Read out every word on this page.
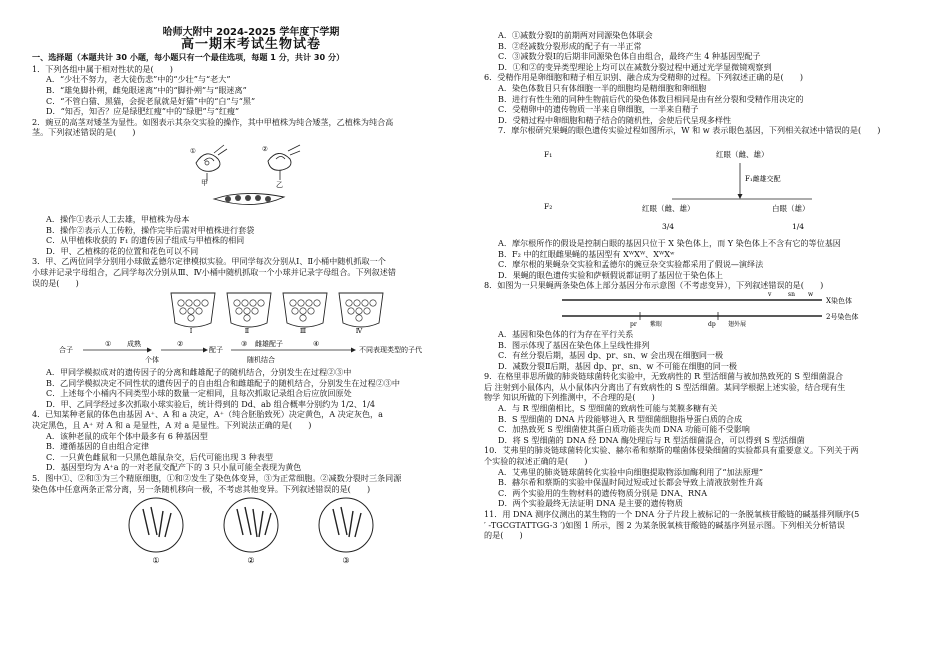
哈师大附中 2024-2025 学年度下学期
高一期末考试生物试卷

一、选择题（本题共计 30 小题，每小题只有一个最佳选项，每题 1 分，共计 30 分）

1．下列各组中属于相对性状的是(　　)

A．“少壮不努力，老大徒伤悲”中的“少壮”与“老大”

B．“雄兔脚扑朔，雌兔眼迷离”中的“脚扑朔”与“眼迷离”

C．“不管白猫、黑猫，会捉老鼠就是好猫”中的“白”与“黑”

D．“知否，知否？应是绿肥红瘦”中的“绿肥”与“红瘦”

2．豌豆的高茎对矮茎为显性。如图表示其杂交实验的操作，其中甲植株为纯合矮茎，乙植株为纯合高

茎。下列叙述错误的是(　　)

甲
①
乙
②

A．操作①表示人工去雄，甲植株为母本

B．操作②表示人工传粉，操作完毕后需对甲植株进行套袋

C．从甲植株收获的 F₁ 的遗传因子组成与甲植株的相同

D．甲、乙植株的花的位置和花色可以不同

3．甲、乙两位同学分别用小球做孟德尔定律模拟实验。甲同学每次分别从Ⅰ、Ⅱ小桶中随机抓取一个

小球并记录字母组合，乙同学每次分别从Ⅲ、Ⅳ小桶中随机抓取一个小球并记录字母组合。下列叙述错

误的是(　　)

Ⅰ	Ⅱ	Ⅲ	Ⅳ
合子
① 成熟
个体
②
配子
③ 雌雄配子
随机结合
④
不同表现类型的子代

A．甲同学模拟成对的遗传因子的分离和雌雄配子的随机结合，分别发生在过程②③中

B．乙同学模拟决定不同性状的遗传因子的自由组合和雌雄配子的随机结合，分别发生在过程②③中

C．上述每个小桶内不同类型小球的数量一定相同，且每次抓取记录组合后应放回原处

D．甲、乙同学经过多次抓取小球实验后，统计得到的 Dd、ab 组合概率分别约为 1/2、1/4

4．已知某种老鼠的体色由基因 A⁺、A 和 a 决定，A⁺（纯合胚胎致死）决定黄色，A 决定灰色，a

决定黑色，且 A⁺ 对 A 和 a 是显性，A 对 a 是显性。下列说法正确的是(　　)

A．该种老鼠的成年个体中最多有 6 种基因型

B．遵循基因的自由组合定律

C．一只黄色雌鼠和一只黑色雄鼠杂交，后代可能出现 3 种表型

D．基因型均为 A⁺a 的一对老鼠交配产下的 3 只小鼠可能全表现为黄色

5．图中①、②和③为三个精原细胞，①和②发生了染色体变异，③为正常细胞。②减数分裂时三条同源

染色体中任意两条正常分离，另一条随机移向一极，不考虑其他变异。下列叙述错误的是(　　)

①	②	③

A．①减数分裂Ⅰ的前期两对同源染色体联会

B．②经减数分裂形成的配子有一半正常

C．③减数分裂Ⅰ的后期非同源染色体自由组合，最终产生 4 种基因型配子

D．①和②的变异类型理论上均可以在减数分裂过程中通过光学显微镜观察到

6．受精作用是卵细胞和精子相互识别、融合成为受精卵的过程。下列叙述正确的是(　　)

A．染色体数目只有体细胞一半的细胞均是精细胞和卵细胞

B．进行有性生殖的同种生物前后代的染色体数目相同是由有丝分裂和受精作用决定的

C．受精卵中的遗传物质一半来自卵细胞，一半来自精子

D．受精过程中卵细胞和精子结合的随机性，会使后代呈现多样性

7．摩尔根研究果蝇的眼色遗传实验过程如图所示，W 和 w 表示眼色基因，下列相关叙述中错误的是(　　)

F₁
F₂
红眼（雌、雄）
F₁雌雄交配
红眼（雌、雄）	白眼（雄）
3/4	1/4

A．摩尔根所作的假设是控制白眼的基因只位于 X 染色体上，而 Y 染色体上不含有它的等位基因

B．F₂ 中的红眼雌果蝇的基因型有 XᵂXᵂ、XᵂXʷ

C．摩尔根的果蝇杂交实验和孟德尔的豌豆杂交实验都采用了假说—演绎法

D．果蝇的眼色遗传实验和萨顿假说都证明了基因位于染色体上

8．如图为一只果蝇两条染色体上部分基因分布示意图（不考虑变异），下列叙述错误的是(　　)

v	sn w
X染色体
pr 紫眼	dp 翅外展
2号染色体

A．基因和染色体的行为存在平行关系

B．图示体现了基因在染色体上呈线性排列

C．有丝分裂后期，基因 dp、pr、sn、w 会出现在细胞同一极

D．减数分裂Ⅱ后期，基因 dp、pr、sn、w 不可能在细胞的同一极

9．在格里菲思所做的肺炎链球菌转化实验中，无致病性的 R 型活细菌与被加热致死的 S 型细菌混合

后 注射到小鼠体内，从小鼠体内分离出了有致病性的 S 型活细菌。某同学根据上述实验，结合现有生

物学 知识所做的下列推测中，不合理的是(　　)

A．与 R 型细菌相比，S 型细菌的致病性可能与荚膜多糖有关

B．S 型细菌的 DNA 片段能够进入 R 型细菌细胞指导蛋白质的合成

C．加热致死 S 型细菌使其蛋白质功能丧失而 DNA 功能可能不受影响

D．将 S 型细菌的 DNA 经 DNA 酶处理后与 R 型活细菌混合，可以得到 S 型活细菌

10．艾弗里的肺炎链球菌转化实验、赫尔希和蔡斯的噬菌体侵染细菌的实验都具有重要意义。下列关于两

个实验的叙述正确的是(　　)

A．艾弗里的肺炎链球菌转化实验中向细胞提取物添加酶利用了“加法原理”

B．赫尔希和蔡斯的实验中保温时间过短或过长都会导致上清液放射性升高

C．两个实验用的生物材料的遗传物质分别是 DNA、RNA

D．两个实验最终无法证明 DNA 是主要的遗传物质

11．用 DNA 测序仪测出的某生物的一个 DNA 分子片段上被标记的一条脱氧核苷酸链的碱基排列顺序(5

′ -TGCGTATTGG-3 ′)如图 1 所示，图 2 为某条脱氧核苷酸链的碱基序列显示图。下列相关分析错误

的是(　　)
